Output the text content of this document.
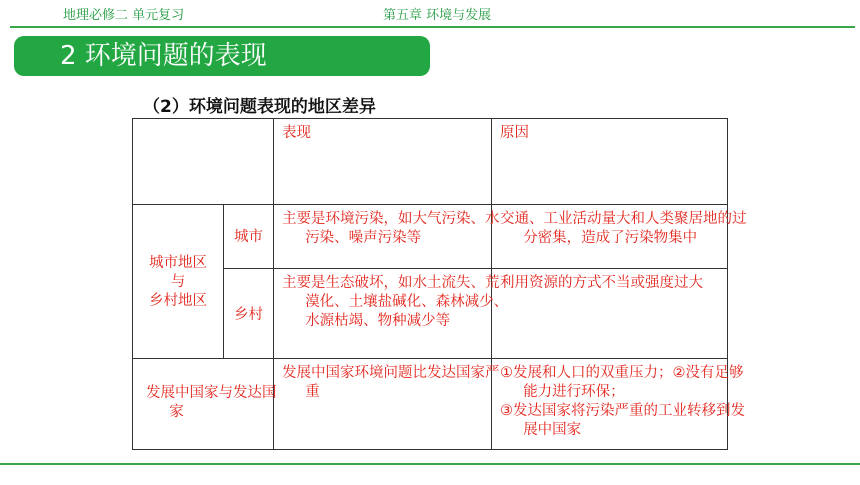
地理必修二 单元复习	第五章 环境与发展
2 环境问题的表现
（2）环境问题表现的地区差异
表现	原因
城市地区
与
乡村地区
城市
主要是环境污染，如大气污染、水污染、噪声污染等
交通、工业活动量大和人类聚居地的过分密集，造成了污染物集中
乡村
主要是生态破坏，如水土流失、荒漠化、土壤盐碱化、森林减少、水源枯竭、物种减少等
利用资源的方式不当或强度过大
发展中国家与发达国家
发展中国家环境问题比发达国家严重
①发展和人口的双重压力；②没有足够能力进行环保；
③发达国家将污染严重的工业转移到发展中国家
